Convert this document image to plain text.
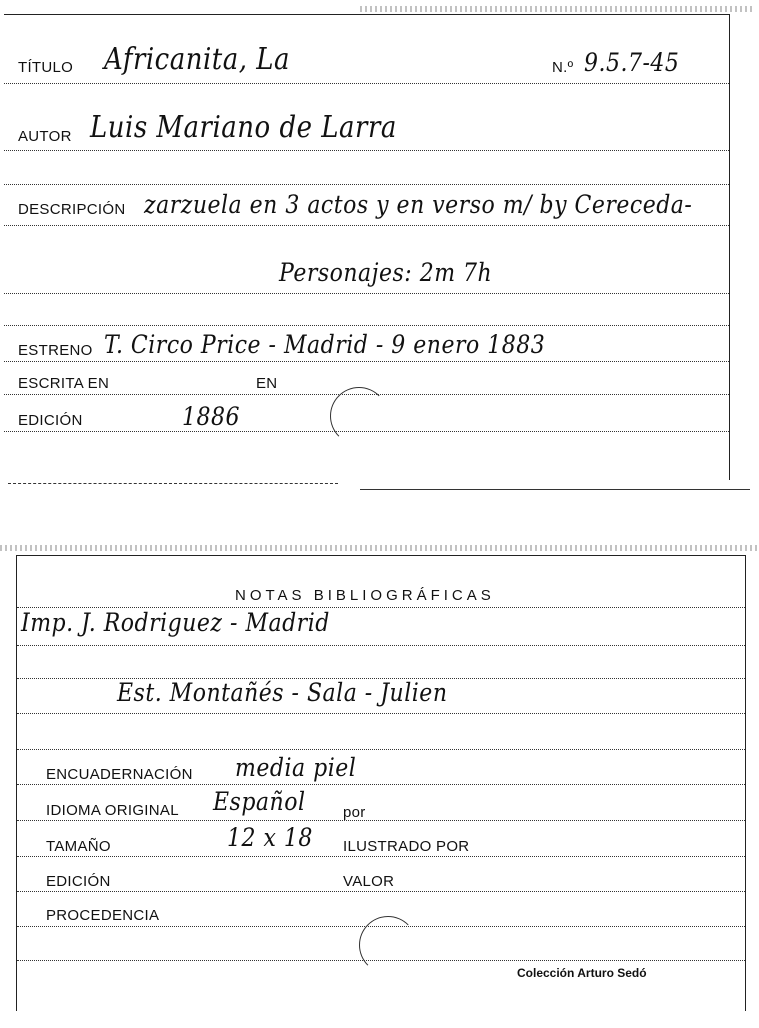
TÍTULO Africanita, La	N.º 9.5.7-45
AUTOR Luis Mariano de Larra
DESCRIPCIÓN zarzuela en 3 actos y en verso m/ by Cereceda-
Personajes: 2m 7h
ESTRENO T. Circo Price - Madrid - 9 enero 1883
ESCRITA EN	EN
EDICIÓN	1886
NOTAS BIBLIOGRÁFICAS
Imp. J. Rodriguez - Madrid
Est. Montañés - Sala - Julien
ENCUADERNACIÓN media piel
IDIOMA ORIGINAL Español	por
TAMAÑO	12 x 18 ILUSTRADO POR
EDICIÓN	VALOR
PROCEDENCIA
Colección Arturo Sedó
